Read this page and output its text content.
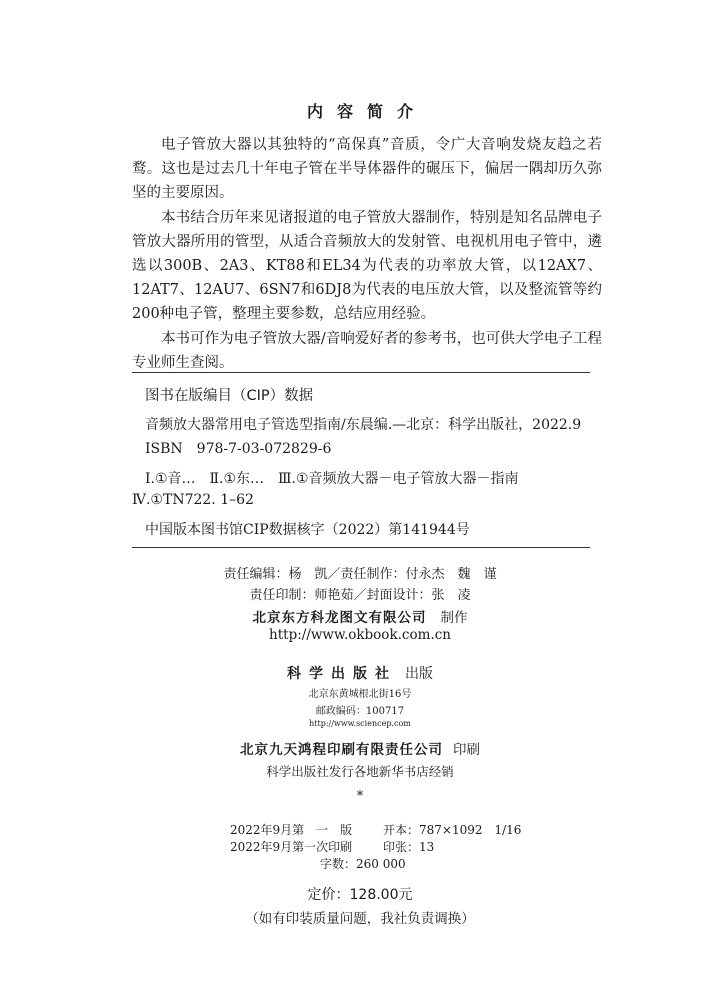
内容简介

电子管放大器以其独特的“高保真”音质，令广大音响发烧友趋之若鹜。这也是过去几十年电子管在半导体器件的碾压下，偏居一隅却历久弥坚的主要原因。

本书结合历年来见诸报道的电子管放大器制作，特别是知名品牌电子管放大器所用的管型，从适合音频放大的发射管、电视机用电子管中，遴选以300B、2A3、KT88和EL34为代表的功率放大管，以12AX7、12AT7、12AU7、6SN7和6DJ8为代表的电压放大管，以及整流管等约200种电子管，整理主要参数，总结应用经验。

本书可作为电子管放大器/音响爱好者的参考书，也可供大学电子工程专业师生查阅。

图书在版编目（CIP）数据
音频放大器常用电子管选型指南/东晨编.—北京：科学出版社，2022.9
ISBN 978-7-03-072829-6
Ⅰ.①音…　Ⅱ.①东…　Ⅲ.①音频放大器－电子管放大器－指南
Ⅳ.①TN722. 1–62
中国版本图书馆CIP数据核字（2022）第141944号
责任编辑：杨　凯／责任制作：付永杰　魏　谨
责任印制：师艳茹／封面设计：张　凌
北京东方科龙图文有限公司 制作
http://www.okbook.com.cn
科学出版社 出版
北京东黄城根北街16号
邮政编码：100717
http://www.sciencep.com
北京九天鸿程印刷有限责任公司 印刷
科学出版社发行各地新华书店经销
*
2022年9月第　一　版	开本：787×1092　1/16
2022年9月第一次印刷	印张：13
字数：260 000
定价：128.00元
（如有印装质量问题，我社负责调换）
